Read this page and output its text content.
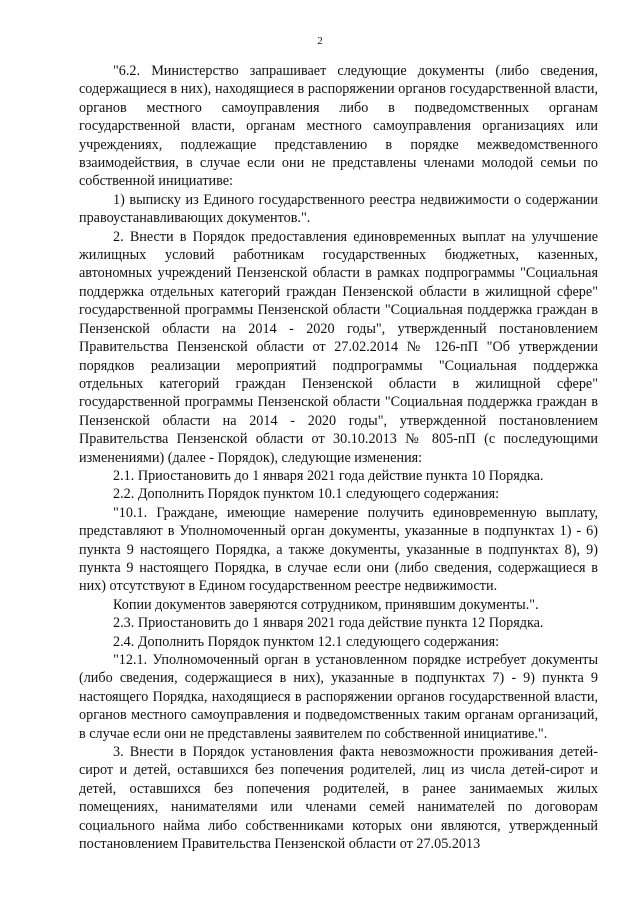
2

"6.2. Министерство запрашивает следующие документы (либо сведения, содержащиеся в них), находящиеся в распоряжении органов государственной власти, органов местного самоуправления либо в подведомственных органам государственной власти, органам местного самоуправления организациях или учреждениях, подлежащие представлению в порядке межведомственного взаимодействия, в случае если они не представлены членами молодой семьи по собственной инициативе:

1) выписку из Единого государственного реестра недвижимости о содержании правоустанавливающих документов.".

2. Внести в Порядок предоставления единовременных выплат на улучшение жилищных условий работникам государственных бюджетных, казенных, автономных учреждений Пензенской области в рамках подпрограммы "Социальная поддержка отдельных категорий граждан Пензенской области в жилищной сфере" государственной программы Пензенской области "Социальная поддержка граждан в Пензенской области на 2014 - 2020 годы", утвержденный постановлением Правительства Пензенской области от 27.02.2014 № 126-пП "Об утверждении порядков реализации мероприятий подпрограммы "Социальная поддержка отдельных категорий граждан Пензенской области в жилищной сфере" государственной программы Пензенской области "Социальная поддержка граждан в Пензенской области на 2014 - 2020 годы", утвержденной постановлением Правительства Пензенской области от 30.10.2013 № 805-пП (с последующими изменениями) (далее - Порядок), следующие изменения:

2.1. Приостановить до 1 января 2021 года действие пункта 10 Порядка.

2.2. Дополнить Порядок пунктом 10.1 следующего содержания:

"10.1. Граждане, имеющие намерение получить единовременную выплату, представляют в Уполномоченный орган документы, указанные в подпунктах 1) - 6) пункта 9 настоящего Порядка, а также документы, указанные в подпунктах 8), 9) пункта 9 настоящего Порядка, в случае если они (либо сведения, содержащиеся в них) отсутствуют в Едином государственном реестре недвижимости.

Копии документов заверяются сотрудником, принявшим документы.".

2.3. Приостановить до 1 января 2021 года действие пункта 12 Порядка.

2.4. Дополнить Порядок пунктом 12.1 следующего содержания:

"12.1. Уполномоченный орган в установленном порядке истребует документы (либо сведения, содержащиеся в них), указанные в подпунктах 7) - 9) пункта 9 настоящего Порядка, находящиеся в распоряжении органов государственной власти, органов местного самоуправления и подведомственных таким органам организаций, в случае если они не представлены заявителем по собственной инициативе.".

3. Внести в Порядок установления факта невозможности проживания детей-сирот и детей, оставшихся без попечения родителей, лиц из числа детей-сирот и детей, оставшихся без попечения родителей, в ранее занимаемых жилых помещениях, нанимателями или членами семей нанимателей по договорам социального найма либо собственниками которых они являются, утвержденный постановлением Правительства Пензенской области от 27.05.2013
